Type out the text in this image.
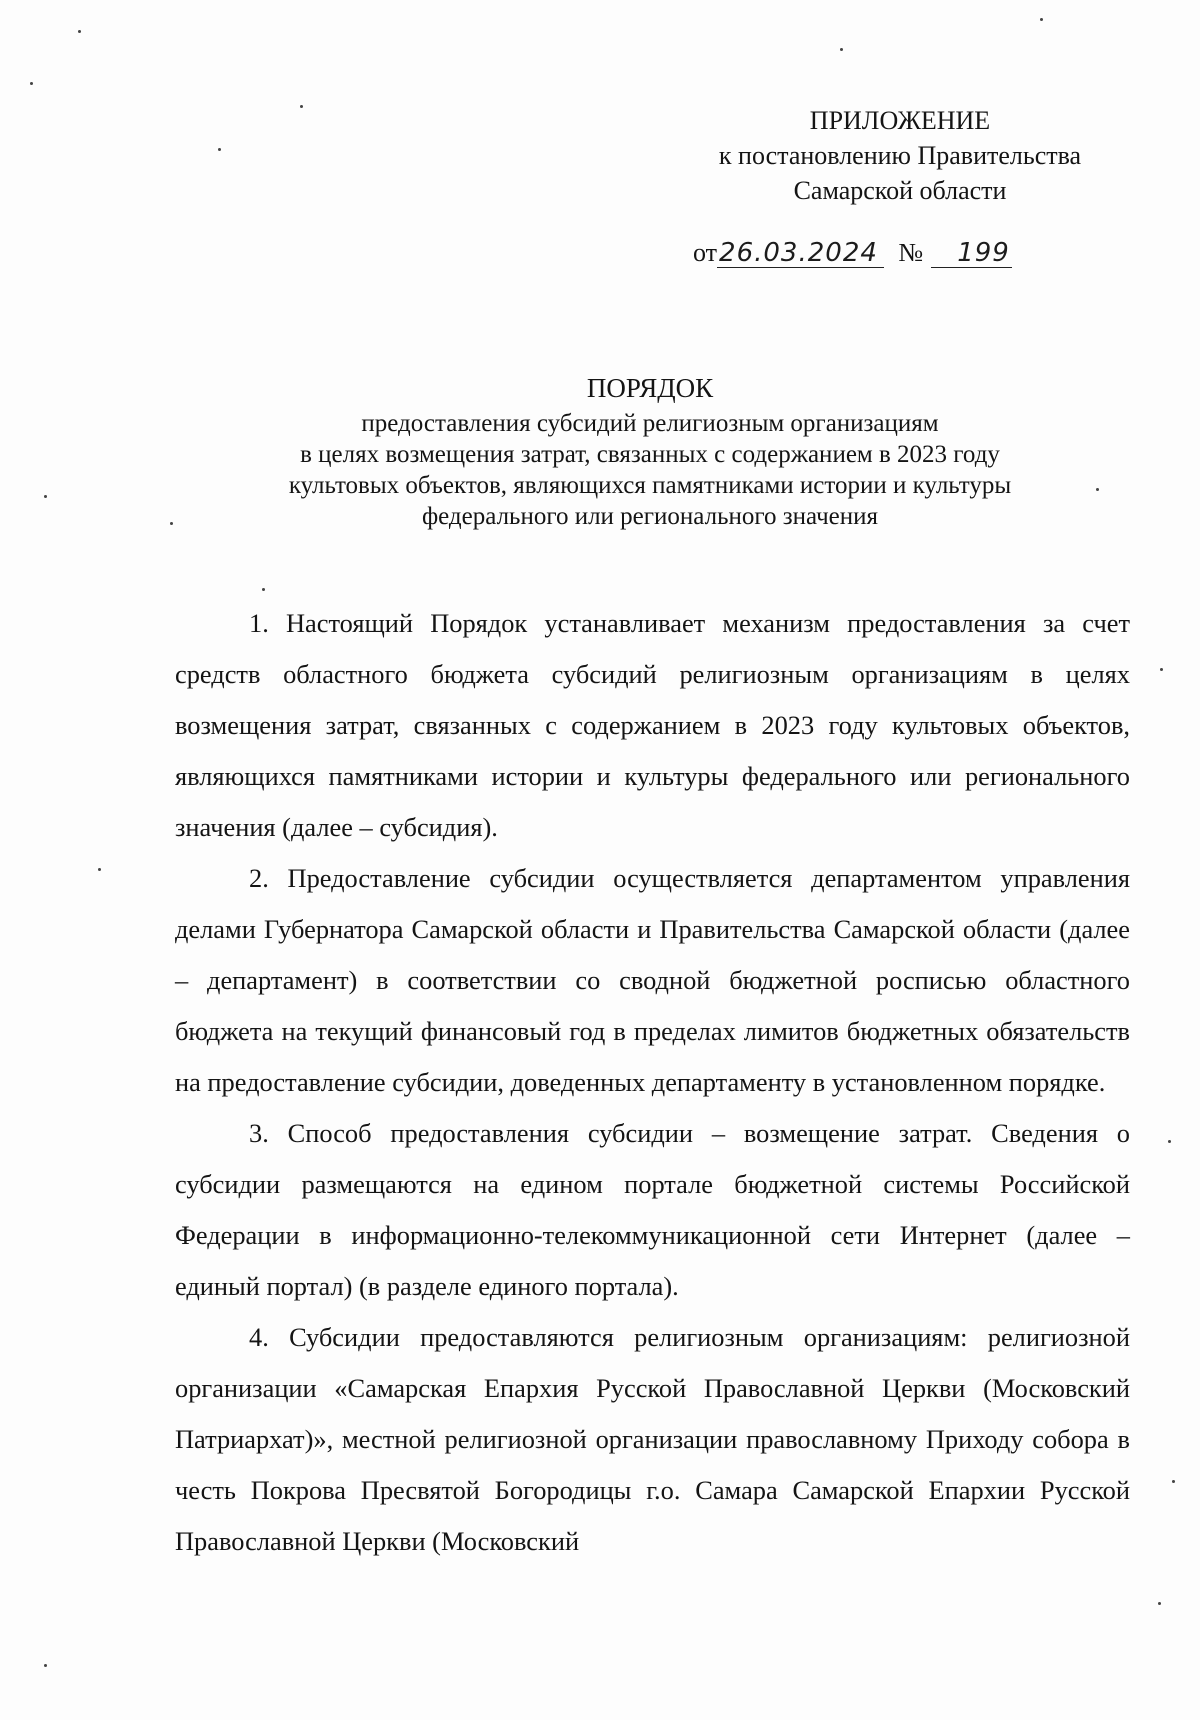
ПРИЛОЖЕНИЕ
к постановлению Правительства
Самарской области
от26.03.2024 № 199
ПОРЯДОК
предоставления субсидий религиозным организациям
в целях возмещения затрат, связанных с содержанием в 2023 году
культовых объектов, являющихся памятниками истории и культуры
федерального или регионального значения

1. Настоящий Порядок устанавливает механизм предоставления за счет средств областного бюджета субсидий религиозным организациям в целях возмещения затрат, связанных с содержанием в 2023 году культовых объектов, являющихся памятниками истории и культуры федерального или регионального значения (далее – субсидия).

2. Предоставление субсидии осуществляется департаментом управления делами Губернатора Самарской области и Правительства Самарской области (далее – департамент) в соответствии со сводной бюджетной росписью областного бюджета на текущий финансовый год в пределах лимитов бюджетных обязательств на предоставление субсидии, доведенных департаменту в установленном порядке.

3. Способ предоставления субсидии – возмещение затрат. Сведения о субсидии размещаются на едином портале бюджетной системы Российской Федерации в информационно-телекоммуникационной сети Интернет (далее – единый портал) (в разделе единого портала).

4. Субсидии предоставляются религиозным организациям: религиозной организации «Самарская Епархия Русской Православной Церкви (Московский Патриархат)», местной религиозной организации православному Приходу собора в честь Покрова Пресвятой Богородицы г.о. Самара Самарской Епархии Русской Православной Церкви (Московский
